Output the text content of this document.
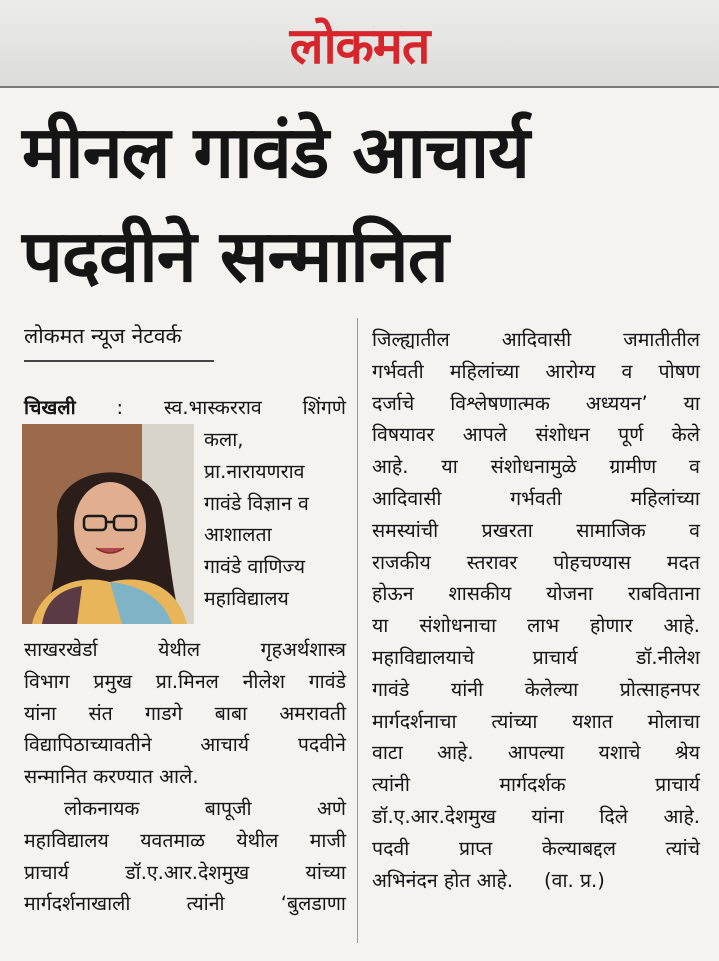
लोकमत
मीनल गावंडे आचार्य
पदवीने सन्मानित
लोकमत न्यूज नेटवर्क
चिखली : स्व.भास्करराव शिंगणे
कला,
प्रा.नारायणराव
गावंडे विज्ञान व
आशालता
गावंडे वाणिज्य
महाविद्यालय
साखरखेर्डा येथील गृहअर्थशास्त्र
विभाग प्रमुख प्रा.मिनल नीलेश गावंडे
यांना संत गाडगे बाबा अमरावती
विद्यापिठाच्यावतीने आचार्य पदवीने
सन्मानित करण्यात आले.
लोकनायक बापूजी अणे
महाविद्यालय यवतमाळ येथील माजी
प्राचार्य डॉ.ए.आर.देशमुख यांच्या
मार्गदर्शनाखाली त्यांनी ‘बुलडाणा
जिल्ह्यातील आदिवासी जमातीतील
गर्भवती महिलांच्या आरोग्य व पोषण
दर्जाचे विश्लेषणात्मक अध्ययन’ या
विषयावर आपले संशोधन पूर्ण केले
आहे. या संशोधनामुळे ग्रामीण व
आदिवासी गर्भवती महिलांच्या
समस्यांची प्रखरता सामाजिक व
राजकीय स्तरावर पोहचण्यास मदत
होऊन शासकीय योजना राबविताना
या संशोधनाचा लाभ होणार आहे.
महाविद्यालयाचे प्राचार्य डॉ.नीलेश
गावंडे यांनी केलेल्या प्रोत्साहनपर
मार्गदर्शनाचा त्यांच्या यशात मोलाचा
वाटा आहे. आपल्या यशाचे श्रेय
त्यांनी मार्गदर्शक प्राचार्य
डॉ.ए.आर.देशमुख यांना दिले आहे.
पदवी प्राप्त केल्याबद्दल त्यांचे
अभिनंदन होत आहे.     (वा. प्र.)
